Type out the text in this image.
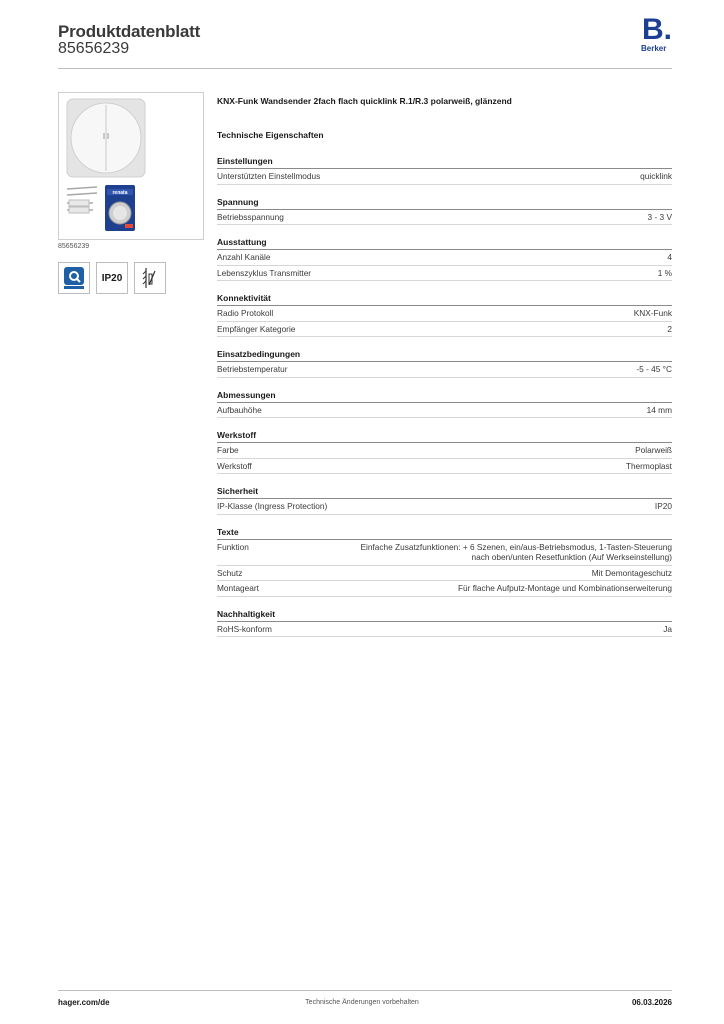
Produktdatenblatt
85656239
B.
Berker
renata
85656239
IP20
KNX-Funk Wandsender 2fach flach quicklink R.1/R.3 polarweiß, glänzend
Technische Eigenschaften
Einstellungen
Unterstützten Einstellmodus	quicklink
Spannung
Betriebsspannung	3 - 3 V
Ausstattung
Anzahl Kanäle	4
Lebenszyklus Transmitter	1 %
Konnektivität
Radio Protokoll	KNX-Funk
Empfänger Kategorie	2
Einsatzbedingungen
Betriebstemperatur	-5 - 45 °C
Abmessungen
Aufbauhöhe	14 mm
Werkstoff
Farbe	Polarweiß
Werkstoff	Thermoplast
Sicherheit
IP-Klasse (Ingress Protection)	IP20
Texte
Funktion	Einfache Zusatzfunktionen: + 6 Szenen, ein/aus-Betriebsmodus, 1-Tasten-Steuerung nach oben/unten Resetfunktion (Auf Werkseinstellung)
Schutz	Mit Demontageschutz
Montageart	Für flache Aufputz-Montage und Kombinationserweiterung
Nachhaltigkeit
RoHS-konform	Ja
hager.com/de	Technische Änderungen vorbehalten	06.03.2026
